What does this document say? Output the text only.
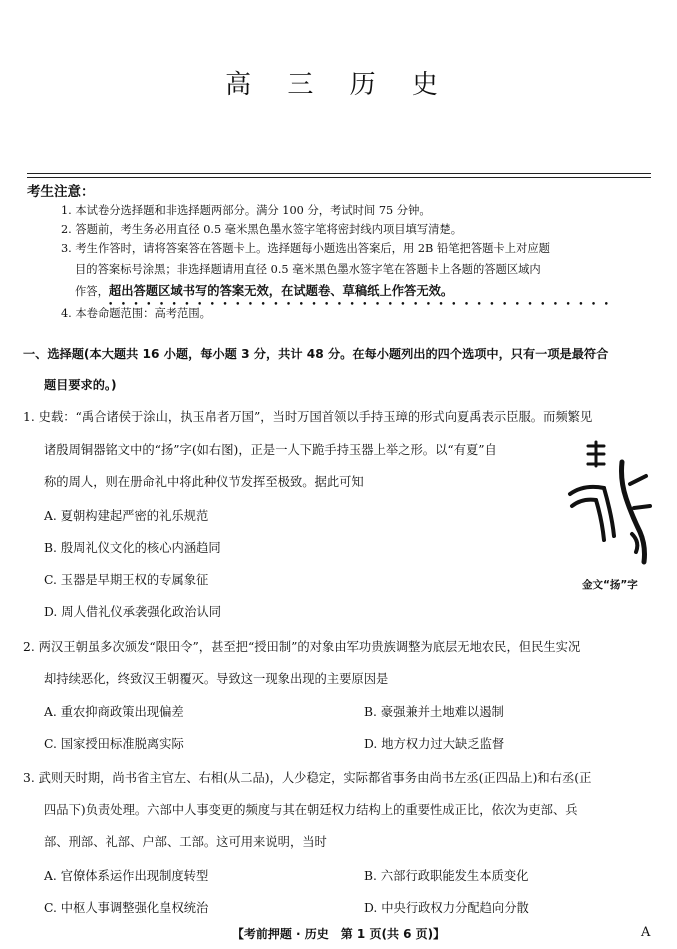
高 三 历 史
考生注意：
1. 本试卷分选择题和非选择题两部分。满分 100 分，考试时间 75 分钟。
2. 答题前，考生务必用直径 0.5 毫米黑色墨水签字笔将密封线内项目填写清楚。
3. 考生作答时，请将答案答在答题卡上。选择题每小题选出答案后，用 2B 铅笔把答题卡上对应题
目的答案标号涂黑；非选择题请用直径 0.5 毫米黑色墨水签字笔在答题卡上各题的答题区域内
作答，超出答题区域书写的答案无效，在试题卷、草稿纸上作答无效。
••••••••••••••••••••••••••••••••••••••••
4. 本卷命题范围：高考范围。
一、选择题(本大题共 16 小题，每小题 3 分，共计 48 分。在每小题列出的四个选项中，只有一项是最符合
题目要求的。)
1. 史载：“禹合诸侯于涂山，执玉帛者万国”，当时万国首领以手持玉璋的形式向夏禹表示臣服。而频繁见
诸殷周铜器铭文中的“扬”字(如右图)，正是一人下跪手持玉器上举之形。以“有夏”自
称的周人，则在册命礼中将此种仪节发挥至极致。据此可知
A. 夏朝构建起严密的礼乐规范
B. 殷周礼仪文化的核心内涵趋同
C. 玉器是早期王权的专属象征
D. 周人借礼仪承袭强化政治认同
金文“扬”字
2. 两汉王朝虽多次颁发“限田令”，甚至把“授田制”的对象由军功贵族调整为底层无地农民，但民生实况
却持续恶化，终致汉王朝覆灭。导致这一现象出现的主要原因是
A. 重农抑商政策出现偏差	B. 豪强兼并土地难以遏制
C. 国家授田标准脱离实际	D. 地方权力过大缺乏监督
3. 武则天时期，尚书省主官左、右相(从二品)，人少稳定，实际都省事务由尚书左丞(正四品上)和右丞(正
四品下)负责处理。六部中人事变更的频度与其在朝廷权力结构上的重要性成正比，依次为吏部、兵
部、刑部、礼部、户部、工部。这可用来说明，当时
A. 官僚体系运作出现制度转型	B. 六部行政职能发生本质变化
C. 中枢人事调整强化皇权统治	D. 中央行政权力分配趋向分散
【考前押题 · 历史　第 1 页(共 6 页)】	A
